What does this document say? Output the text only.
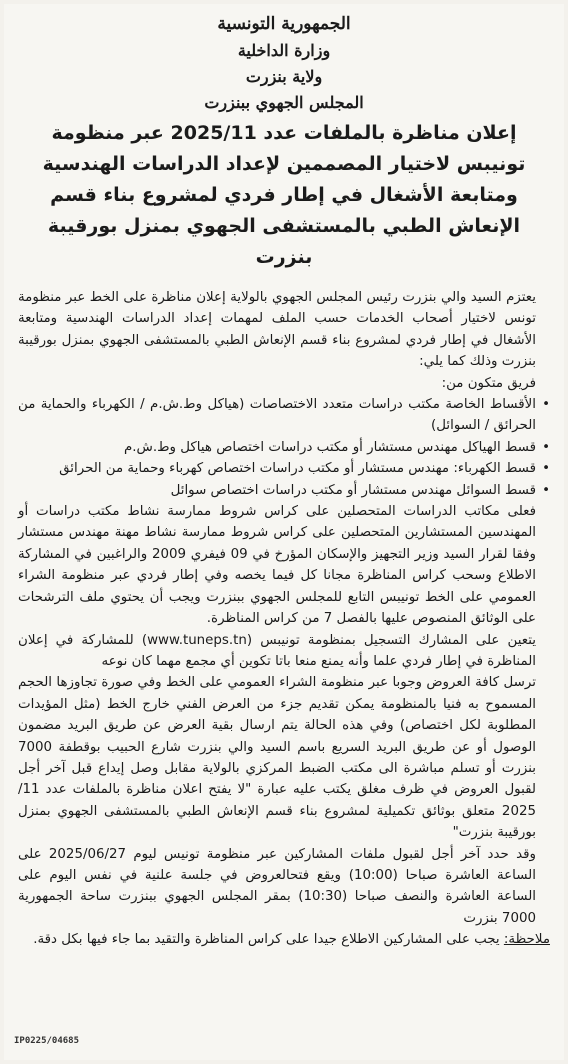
الجمهورية التونسية
وزارة الداخلية
ولاية بنزرت
المجلس الجهوي ببنزرت
إعلان مناظرة بالملفات عدد 2025/11 عبر منظومة تونيبس لاختيار المصممين لإعداد الدراسات الهندسية ومتابعة الأشغال في إطار فردي لمشروع بناء قسم الإنعاش الطبي بالمستشفى الجهوي بمنزل بورقيبة بنزرت

يعتزم السيد والي بنزرت رئيس المجلس الجهوي بالولاية إعلان مناظرة على الخط عبر منظومة تونس لاختيار أصحاب الخدمات حسب الملف لمهمات إعداد الدراسات الهندسية ومتابعة الأشغال في إطار فردي لمشروع بناء قسم الإنعاش الطبي بالمستشفى الجهوي بمنزل بورقيبة بنزرت وذلك كما يلي:

فريق متكون من:

• الأقساط الخاصة مكتب دراسات متعدد الاختصاصات (هياكل وط.ش.م / الكهرباء والحماية من الحرائق / السوائل)
• قسط الهياكل مهندس مستشار أو مكتب دراسات اختصاص هياكل وط.ش.م
• قسط الكهرباء: مهندس مستشار أو مكتب دراسات اختصاص كهرباء وحماية من الحرائق
• قسط السوائل مهندس مستشار أو مكتب دراسات اختصاص سوائل

فعلى مكاتب الدراسات المتحصلين على كراس شروط ممارسة نشاط مكتب دراسات أو المهندسين المستشارين المتحصلين على كراس شروط ممارسة نشاط مهنة مهندس مستشار وفقا لقرار السيد وزير التجهيز والإسكان المؤرخ في 09 فيفري 2009 والراغبين في المشاركة الاطلاع وسحب كراس المناظرة مجانا كل فيما يخصه وفي إطار فردي عبر منظومة الشراء العمومي على الخط تونيبس التابع للمجلس الجهوي ببنزرت ويجب أن يحتوي ملف الترشحات على الوثائق المنصوص عليها بالفصل 7 من كراس المناظرة.

يتعين على المشارك التسجيل بمنظومة تونيبس (www.tuneps.tn) للمشاركة في إعلان المناظرة في إطار فردي علما وأنه يمنع منعا باتا تكوين أي مجمع مهما كان نوعه

ترسل كافة العروض وجوبا عبر منظومة الشراء العمومي على الخط وفي صورة تجاوزها الحجم المسموح به فنيا بالمنظومة يمكن تقديم جزء من العرض الفني خارج الخط (مثل المؤيدات المطلوبة لكل اختصاص) وفي هذه الحالة يتم ارسال بقية العرض عن طريق البريد مضمون الوصول أو عن طريق البريد السريع باسم السيد والي بنزرت شارع الحبيب بوقطفة 7000 بنزرت أو تسلم مباشرة الى مكتب الضبط المركزي بالولاية مقابل وصل إيداع قبل آخر أجل لقبول العروض في ظرف مغلق يكتب عليه عبارة "لا يفتح اعلان مناظرة بالملفات عدد 11/ 2025 متعلق بوثائق تكميلية لمشروع بناء قسم الإنعاش الطبي بالمستشفى الجهوي بمنزل بورقيبة بنزرت"

وقد حدد آخر أجل لقبول ملفات المشاركين عبر منظومة تونيس ليوم 2025/06/27 على الساعة العاشرة صباحا (10:00) ويقع فتحالعروض في جلسة علنية في نفس اليوم على الساعة العاشرة والنصف صباحا (10:30) بمقر المجلس الجهوي ببنزرت ساحة الجمهورية 7000 بنزرت

ملاحظة: يجب على المشاركين الاطلاع جيدا على كراس المناظرة والتقيد بما جاء فيها بكل دقة.

IP0225/04685
